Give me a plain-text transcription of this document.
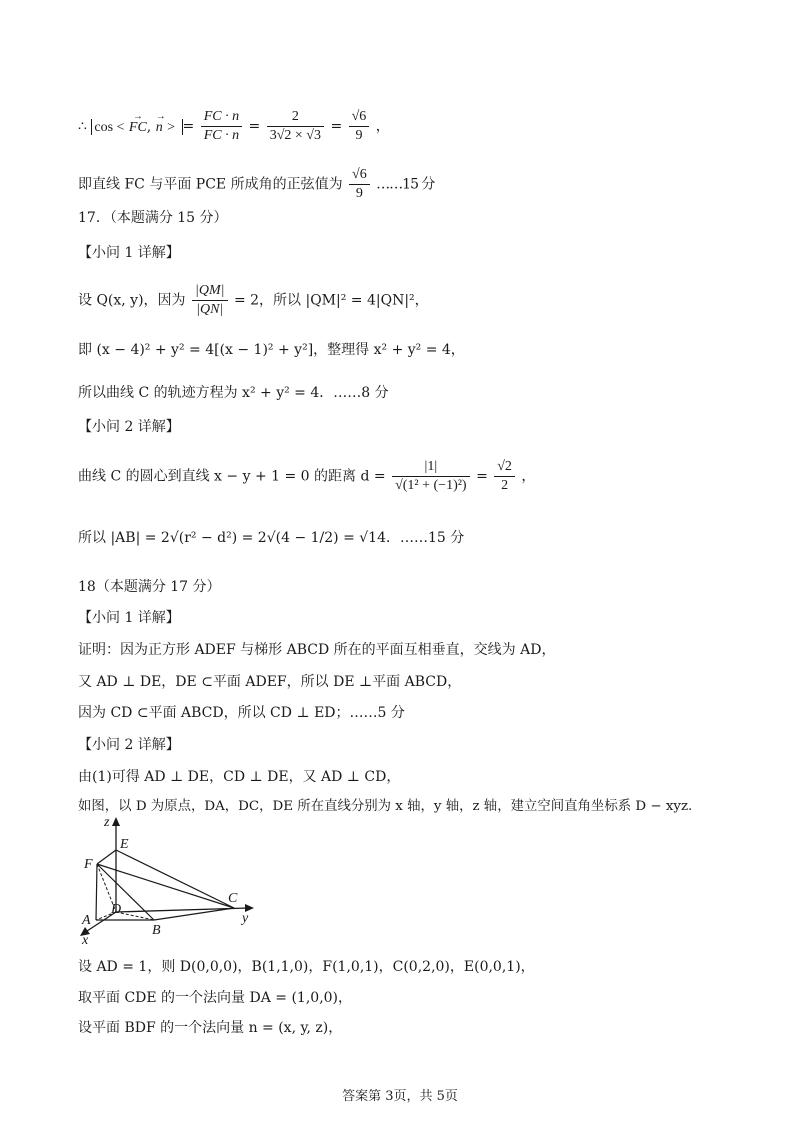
∴ cos < → FC, → n > = $\frac{FC \cdot n}{FC \cdot n} = \frac{2}{3√2 \times √3} = \frac{√6}{9}$ ，
即直线 FC 与平面 PCE 所成角的正弦值为 $\frac{√6}{9}$ ……15 分
17．（本题满分 15 分）
【小问 1 详解】
设 Q(x, y)，因为 $\frac{|QM|}{|QN|} = 2$，所以 |QM|² = 4|QN|²，
即 (x − 4)² + y² = 4[(x − 1)² + y²]，整理得 x² + y² = 4，
所以曲线 C 的轨迹方程为 x² + y² = 4．……8 分
【小问 2 详解】
曲线 C 的圆心到直线 x − y + 1 = 0 的距离 $d = \frac{|1|}{\text{√(1² + (−1)²)}} = \frac{√2}{2}$ ，
所以 |AB| = 2√(r² − d²) = 2√(4 − 1/2) = √14．……15 分
18（本题满分 17 分）
【小问 1 详解】
证明：因为正方形 ADEF 与梯形 ABCD 所在的平面互相垂直，交线为 AD，
又 AD ⊥ DE，DE ⊂平面 ADEF，所以 DE ⊥平面 ABCD，
因为 CD ⊂平面 ABCD，所以 CD ⊥ ED；……5 分
【小问 2 详解】
由(1)可得 AD ⊥ DE，CD ⊥ DE，又 AD ⊥ CD，
如图，以 D 为原点，DA，DC，DE 所在直线分别为 x 轴，y 轴，z 轴，建立空间直角坐标系 D − xyz.
z
E
F
C
y
A
D
B
x
设 AD = 1，则 D(0,0,0)，B(1,1,0)，F(1,0,1)，C(0,2,0)，E(0,0,1)，
取平面 CDE 的一个法向量 DA = (1,0,0)，
设平面 BDF 的一个法向量 n = (x, y, z)，
答案第 3页，共 5页
